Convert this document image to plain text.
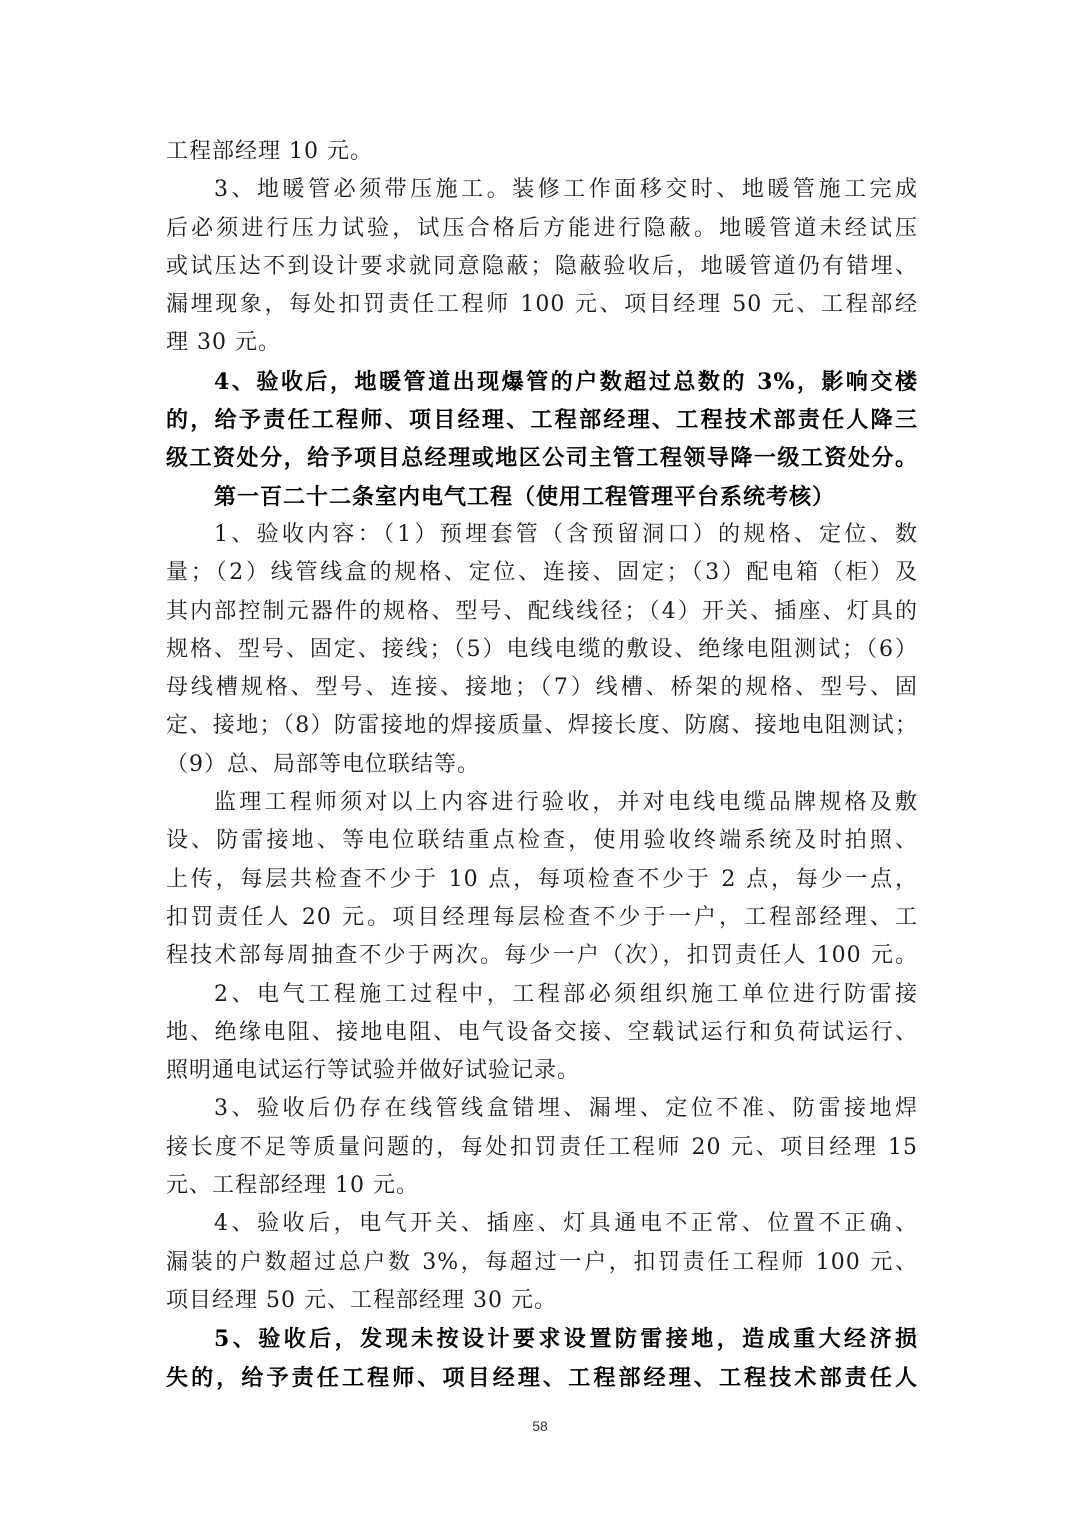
工程部经理 10 元。
3、地暖管必须带压施工。装修工作面移交时、地暖管施工完成
后必须进行压力试验，试压合格后方能进行隐蔽。地暖管道未经试压
或试压达不到设计要求就同意隐蔽；隐蔽验收后，地暖管道仍有错埋、
漏埋现象，每处扣罚责任工程师 100 元、项目经理 50 元、工程部经
理 30 元。
4、验收后，地暖管道出现爆管的户数超过总数的 3%，影响交楼
的，给予责任工程师、项目经理、工程部经理、工程技术部责任人降三
级工资处分，给予项目总经理或地区公司主管工程领导降一级工资处分。
第一百二十二条室内电气工程（使用工程管理平台系统考核）
1、验收内容：（1）预埋套管（含预留洞口）的规格、定位、数
量；（2）线管线盒的规格、定位、连接、固定；（3）配电箱（柜）及
其内部控制元器件的规格、型号、配线线径；（4）开关、插座、灯具的
规格、型号、固定、接线；（5）电线电缆的敷设、绝缘电阻测试；（6）
母线槽规格、型号、连接、接地；（7）线槽、桥架的规格、型号、固
定、接地；（8）防雷接地的焊接质量、焊接长度、防腐、接地电阻测试；
（9）总、局部等电位联结等。
监理工程师须对以上内容进行验收，并对电线电缆品牌规格及敷
设、防雷接地、等电位联结重点检查，使用验收终端系统及时拍照、
上传，每层共检查不少于 10 点，每项检查不少于 2 点，每少一点，
扣罚责任人 20 元。项目经理每层检查不少于一户，工程部经理、工
程技术部每周抽查不少于两次。每少一户（次），扣罚责任人 100 元。
2、电气工程施工过程中，工程部必须组织施工单位进行防雷接
地、绝缘电阻、接地电阻、电气设备交接、空载试运行和负荷试运行、
照明通电试运行等试验并做好试验记录。
3、验收后仍存在线管线盒错埋、漏埋、定位不准、防雷接地焊
接长度不足等质量问题的，每处扣罚责任工程师 20 元、项目经理 15
元、工程部经理 10 元。
4、验收后，电气开关、插座、灯具通电不正常、位置不正确、
漏装的户数超过总户数 3%，每超过一户，扣罚责任工程师 100 元、
项目经理 50 元、工程部经理 30 元。
5、验收后，发现未按设计要求设置防雷接地，造成重大经济损
失的，给予责任工程师、项目经理、工程部经理、工程技术部责任人
58
